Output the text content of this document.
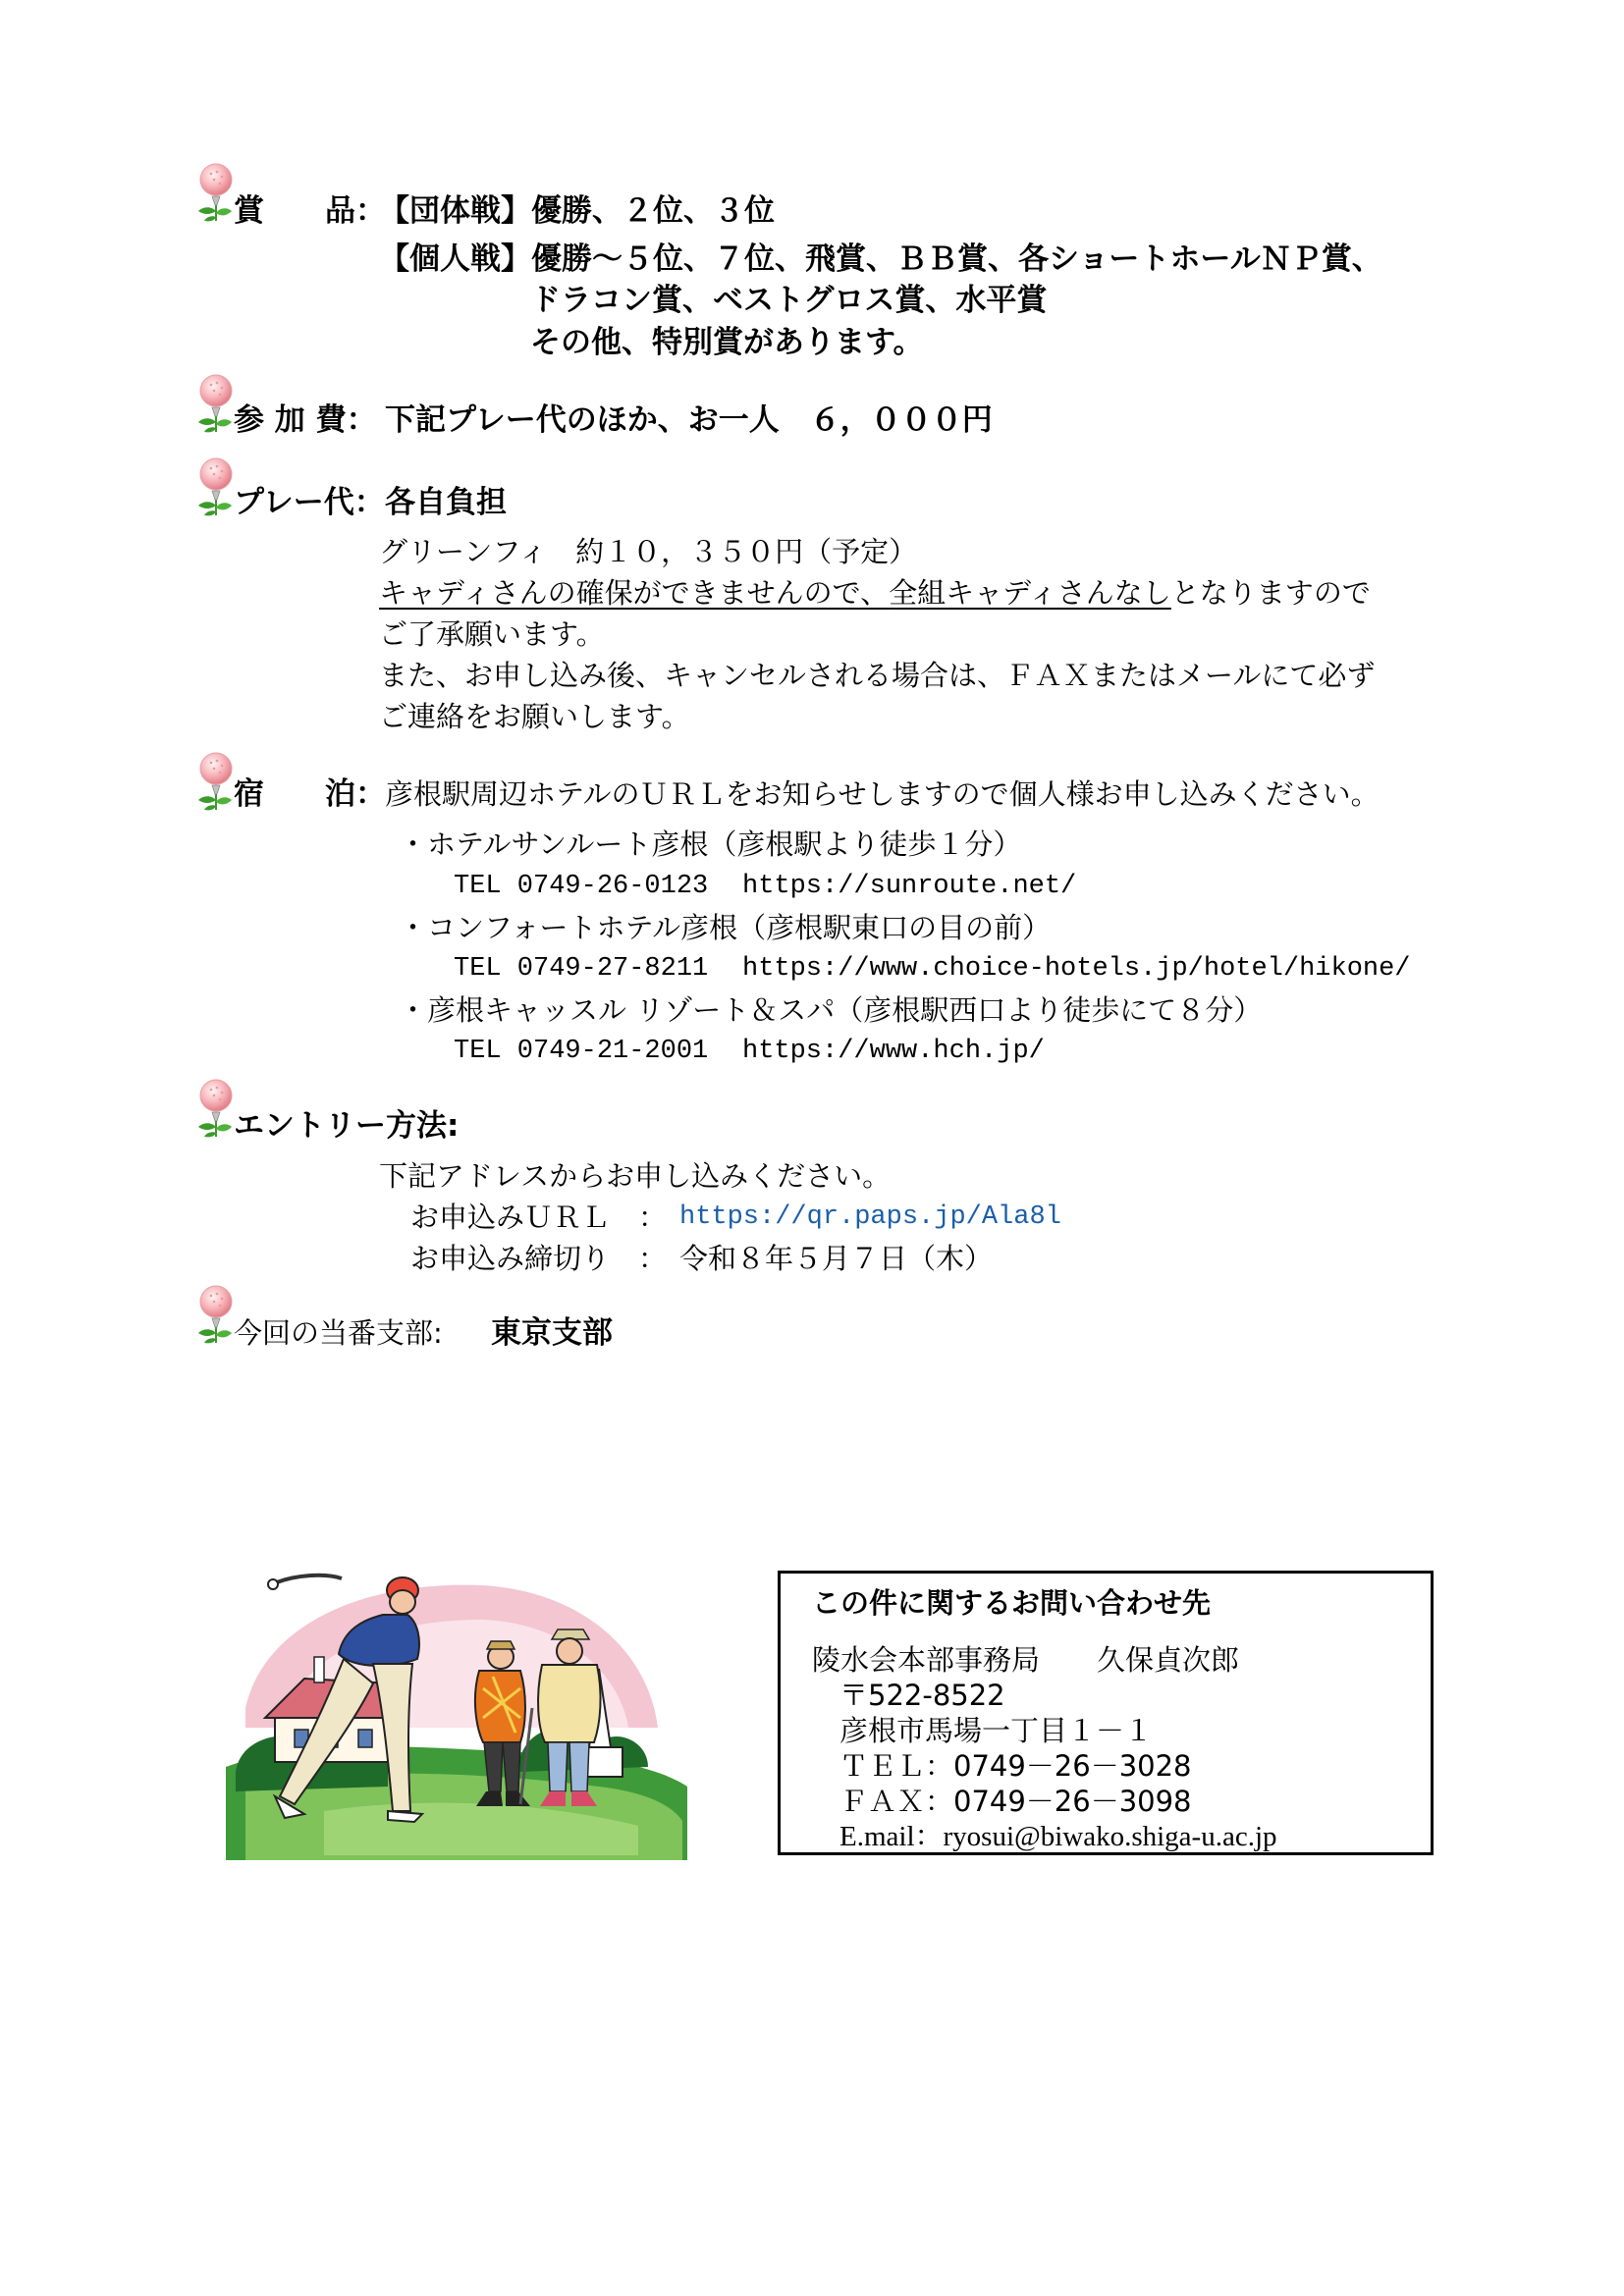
賞　　品：
【団体戦】優勝、２位、３位
【個人戦】優勝～５位、７位、飛賞、ＢＢ賞、各ショートホールＮＰ賞、
ドラコン賞、ベストグロス賞、水平賞
その他、特別賞があります。
参 加 費： 下記プレー代のほか、お一人　６，０００円
プレー代： 各自負担
グリーンフィ　約１０，３５０円（予定）
キャディさんの確保ができませんので、全組キャディさんなしとなりますので
ご了承願います。
また、お申し込み後、キャンセルされる場合は、ＦＡＸまたはメールにて必ず
ご連絡をお願いします。
宿　　泊： 彦根駅周辺ホテルのＵＲＬをお知らせしますので個人様お申し込みください。
・ホテルサンルート彦根（彦根駅より徒歩１分）
TEL 0749-26-0123 https://sunroute.net/
・コンフォートホテル彦根（彦根駅東口の目の前）
TEL 0749-27-8211 https://www.choice-hotels.jp/hotel/hikone/
・彦根キャッスル リゾート＆スパ（彦根駅西口より徒歩にて８分）
TEL 0749-21-2001 https://www.hch.jp/
エントリー方法:
下記アドレスからお申し込みください。
お申込みＵＲＬ　： https://qr.paps.jp/Ala8l
お申込み締切り　： 令和８年５月７日（木）
今回の当番支部: 東京支部
この件に関するお問い合わせ先
陵水会本部事務局　　久保貞次郎
〒522-8522
彦根市馬場一丁目１－１
ＴＥＬ：0749－26－3028
ＦＡＸ：0749－26－3098
E.mail：ryosui@biwako.shiga-u.ac.jp
